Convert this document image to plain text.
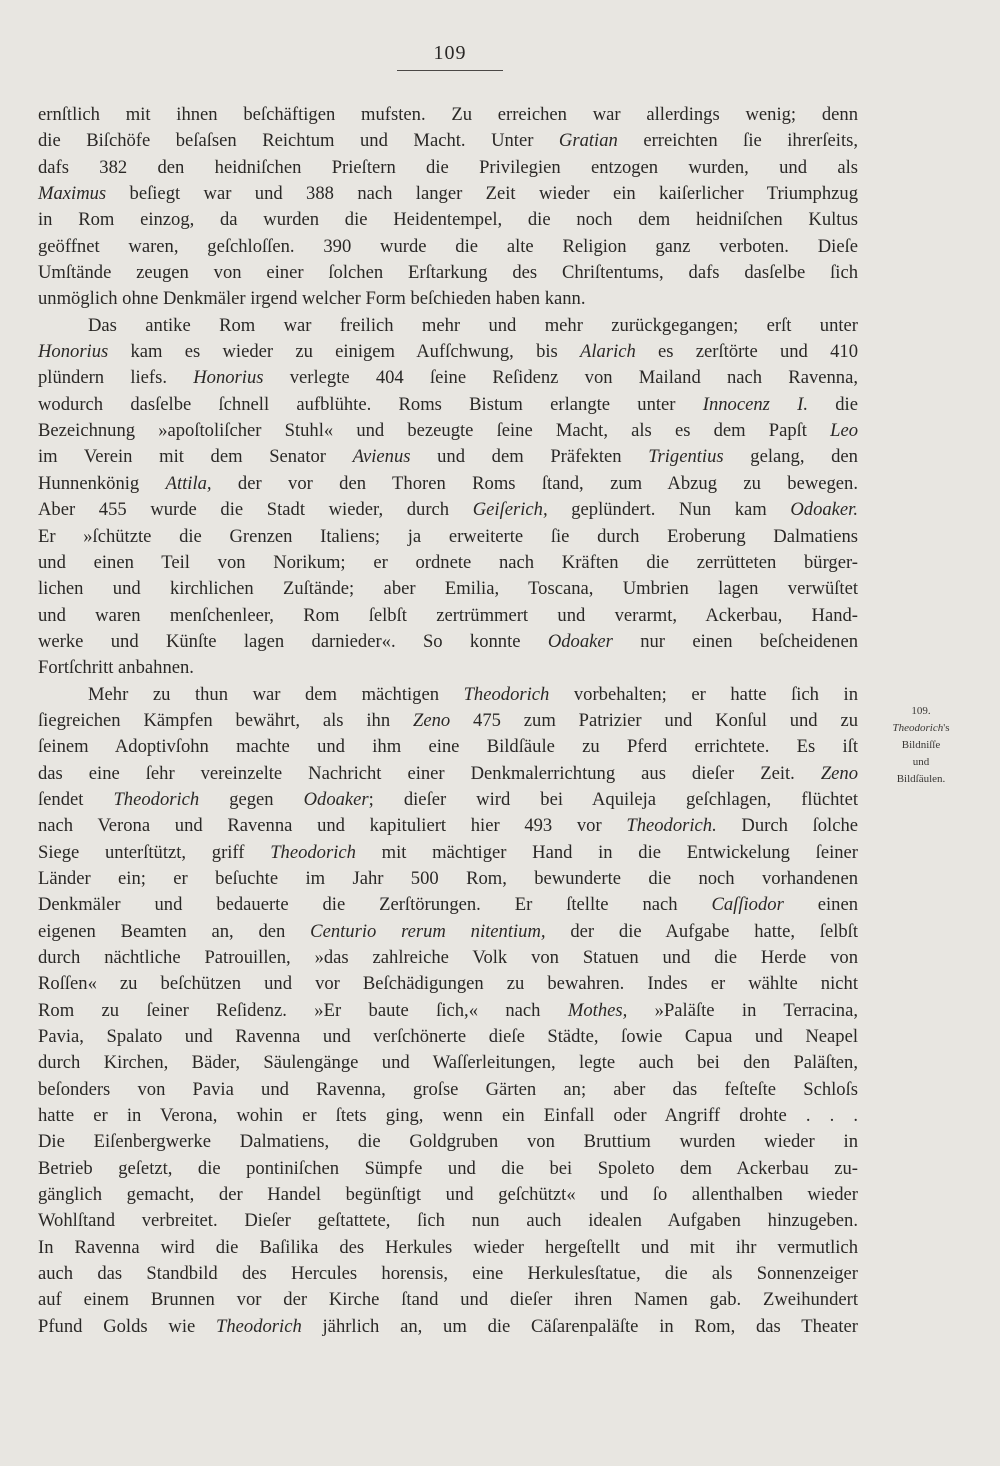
109
ernſtlich mit ihnen beſchäftigen mufsten. Zu erreichen war allerdings wenig; denn
die Biſchöfe beſaſsen Reichtum und Macht. Unter Gratian erreichten ſie ihrerſeits,
dafs 382 den heidniſchen Prieſtern die Privilegien entzogen wurden, und als
Maximus beſiegt war und 388 nach langer Zeit wieder ein kaiſerlicher Triumphzug
in Rom einzog, da wurden die Heidentempel, die noch dem heidniſchen Kultus
geöffnet waren, geſchloſſen. 390 wurde die alte Religion ganz verboten. Dieſe
Umſtände zeugen von einer ſolchen Erſtarkung des Chriſtentums, dafs dasſelbe ſich
unmöglich ohne Denkmäler irgend welcher Form beſchieden haben kann.
Das antike Rom war freilich mehr und mehr zurückgegangen; erſt unter
Honorius kam es wieder zu einigem Aufſchwung, bis Alarich es zerſtörte und 410
plündern liefs. Honorius verlegte 404 ſeine Reſidenz von Mailand nach Ravenna,
wodurch dasſelbe ſchnell aufblühte. Roms Bistum erlangte unter Innocenz I. die
Bezeichnung »apoſtoliſcher Stuhl« und bezeugte ſeine Macht, als es dem Papſt Leo
im Verein mit dem Senator Avienus und dem Präfekten Trigentius gelang, den
Hunnenkönig Attila, der vor den Thoren Roms ſtand, zum Abzug zu bewegen.
Aber 455 wurde die Stadt wieder, durch Geiſerich, geplündert. Nun kam Odoaker.
Er »ſchützte die Grenzen Italiens; ja erweiterte ſie durch Eroberung Dalmatiens
und einen Teil von Norikum; er ordnete nach Kräften die zerrütteten bürger-
lichen und kirchlichen Zuſtände; aber Emilia, Toscana, Umbrien lagen verwüſtet
und waren menſchenleer, Rom ſelbſt zertrümmert und verarmt, Ackerbau, Hand-
werke und Künſte lagen darnieder«. So konnte Odoaker nur einen beſcheidenen
Fortſchritt anbahnen.
Mehr zu thun war dem mächtigen Theodorich vorbehalten; er hatte ſich in
ſiegreichen Kämpfen bewährt, als ihn Zeno 475 zum Patrizier und Konſul und zu
ſeinem Adoptivſohn machte und ihm eine Bildſäule zu Pferd errichtete. Es iſt
das eine ſehr vereinzelte Nachricht einer Denkmalerrichtung aus dieſer Zeit. Zeno
ſendet Theodorich gegen Odoaker; dieſer wird bei Aquileja geſchlagen, flüchtet
nach Verona und Ravenna und kapituliert hier 493 vor Theodorich. Durch ſolche
Siege unterſtützt, griff Theodorich mit mächtiger Hand in die Entwickelung ſeiner
Länder ein; er beſuchte im Jahr 500 Rom, bewunderte die noch vorhandenen
Denkmäler und bedauerte die Zerſtörungen. Er ſtellte nach Caſſiodor einen
eigenen Beamten an, den Centurio rerum nitentium, der die Aufgabe hatte, ſelbſt
durch nächtliche Patrouillen, »das zahlreiche Volk von Statuen und die Herde von
Roſſen« zu beſchützen und vor Beſchädigungen zu bewahren. Indes er wählte nicht
Rom zu ſeiner Reſidenz. »Er baute ſich,« nach Mothes, »Paläſte in Terracina,
Pavia, Spalato und Ravenna und verſchönerte dieſe Städte, ſowie Capua und Neapel
durch Kirchen, Bäder, Säulengänge und Waſſerleitungen, legte auch bei den Paläſten,
beſonders von Pavia und Ravenna, groſse Gärten an; aber das feſteſte Schloſs
hatte er in Verona, wohin er ſtets ging, wenn ein Einfall oder Angriff drohte . . .
Die Eiſenbergwerke Dalmatiens, die Goldgruben von Bruttium wurden wieder in
Betrieb geſetzt, die pontiniſchen Sümpfe und die bei Spoleto dem Ackerbau zu-
gänglich gemacht, der Handel begünſtigt und geſchützt« und ſo allenthalben wieder
Wohlſtand verbreitet. Dieſer geſtattete, ſich nun auch idealen Aufgaben hinzugeben.
In Ravenna wird die Baſilika des Herkules wieder hergeſtellt und mit ihr vermutlich
auch das Standbild des Hercules horensis, eine Herkulesſtatue, die als Sonnenzeiger
auf einem Brunnen vor der Kirche ſtand und dieſer ihren Namen gab. Zweihundert
Pfund Golds wie Theodorich jährlich an, um die Cäſarenpaläſte in Rom, das Theater
109.
Theodorich's
Bildniſſe
und
Bildſäulen.
